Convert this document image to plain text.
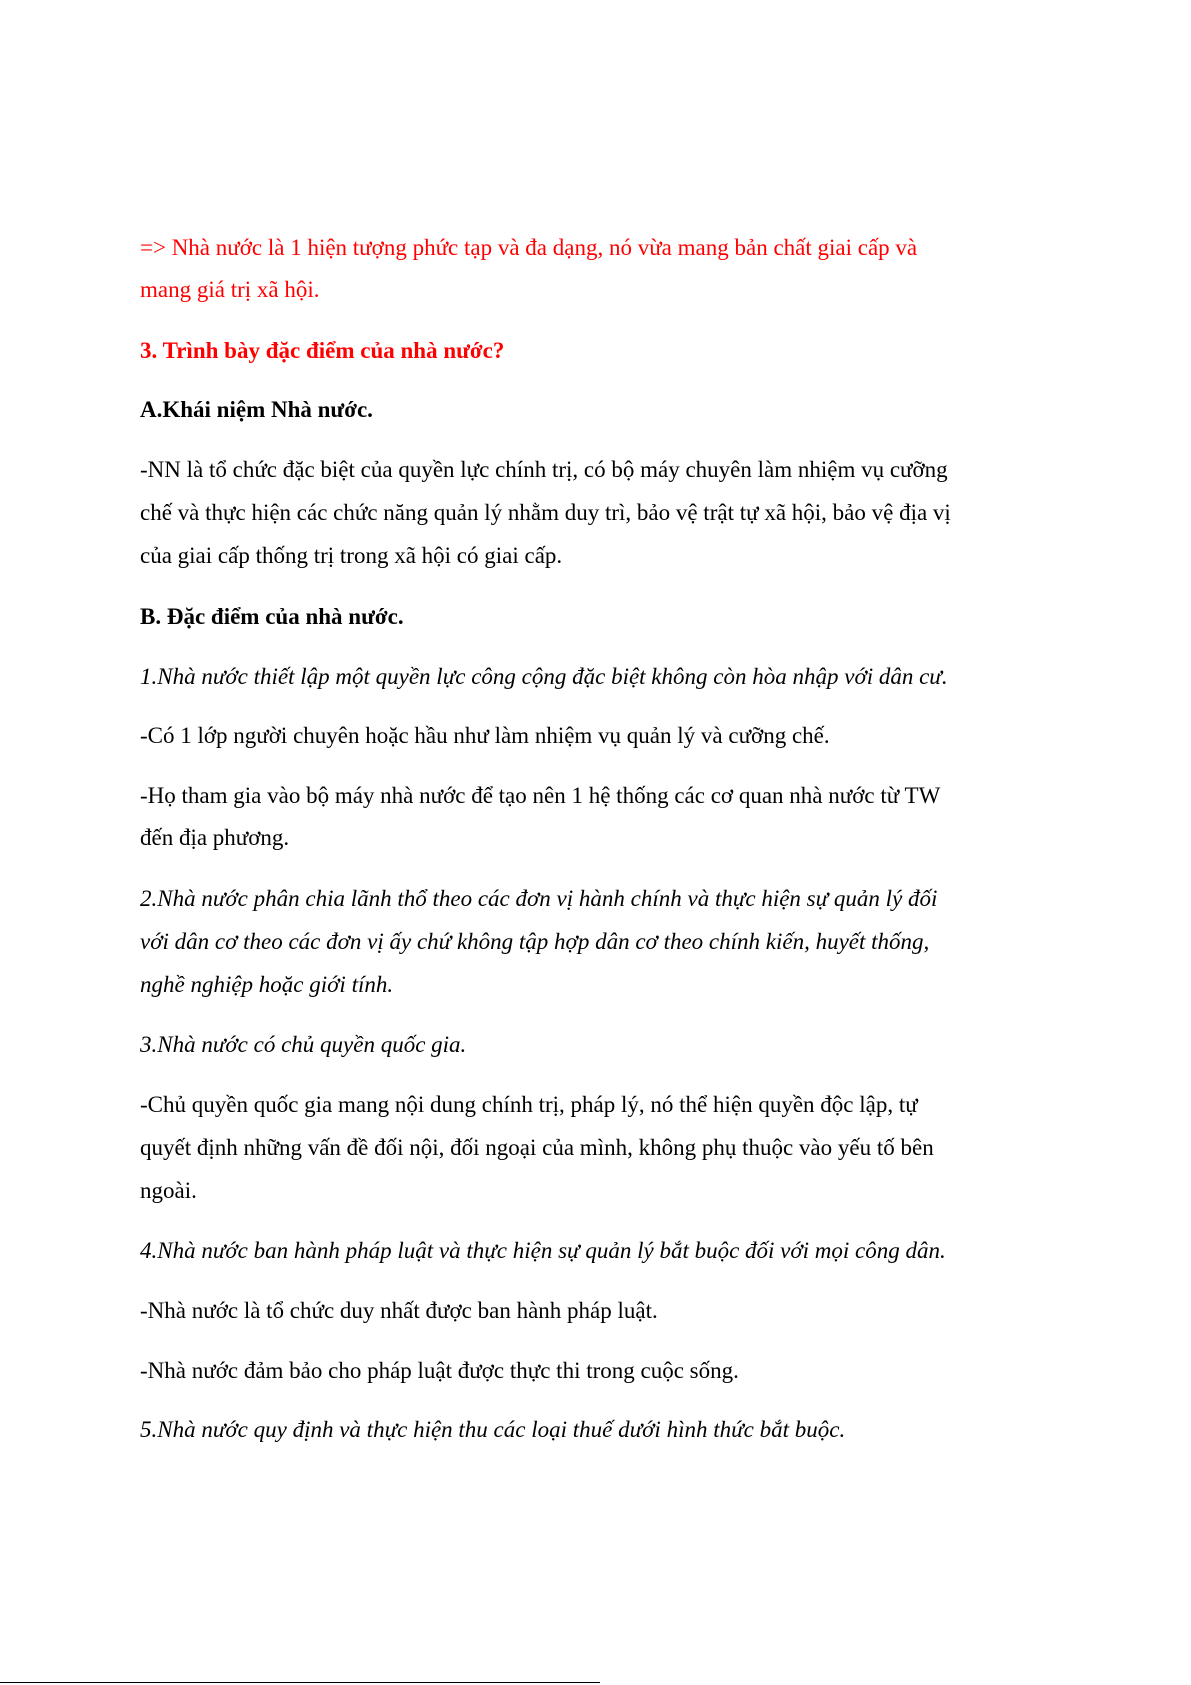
=> Nhà nước là 1 hiện tượng phức tạp và đa dạng, nó vừa mang bản chất giai cấp và
mang giá trị xã hội.
3. Trình bày đặc điểm của nhà nước?
A.Khái niệm Nhà nước.
-NN là tổ chức đặc biệt của quyền lực chính trị, có bộ máy chuyên làm nhiệm vụ cưỡng
chế và thực hiện các chức năng quản lý nhằm duy trì, bảo vệ trật tự xã hội, bảo vệ địa vị
của giai cấp thống trị trong xã hội có giai cấp.
B. Đặc điểm của nhà nước.
1.Nhà nước thiết lập một quyền lực công cộng đặc biệt không còn hòa nhập với dân cư.
-Có 1 lớp người chuyên hoặc hầu như làm nhiệm vụ quản lý và cưỡng chế.
-Họ tham gia vào bộ máy nhà nước để tạo nên 1 hệ thống các cơ quan nhà nước từ TW
đến địa phương.
2.Nhà nước phân chia lãnh thổ theo các đơn vị hành chính và thực hiện sự quản lý đối
với dân cơ theo các đơn vị ấy chứ không tập hợp dân cơ theo chính kiến, huyết thống,
nghề nghiệp hoặc giới tính.
3.Nhà nước có chủ quyền quốc gia.
-Chủ quyền quốc gia mang nội dung chính trị, pháp lý, nó thể hiện quyền độc lập, tự
quyết định những vấn đề đối nội, đối ngoại của mình, không phụ thuộc vào yếu tố bên
ngoài.
4.Nhà nước ban hành pháp luật và thực hiện sự quản lý bắt buộc đối với mọi công dân.
-Nhà nước là tổ chức duy nhất được ban hành pháp luật.
-Nhà nước đảm bảo cho pháp luật được thực thi trong cuộc sống.
5.Nhà nước quy định và thực hiện thu các loại thuế dưới hình thức bắt buộc.
